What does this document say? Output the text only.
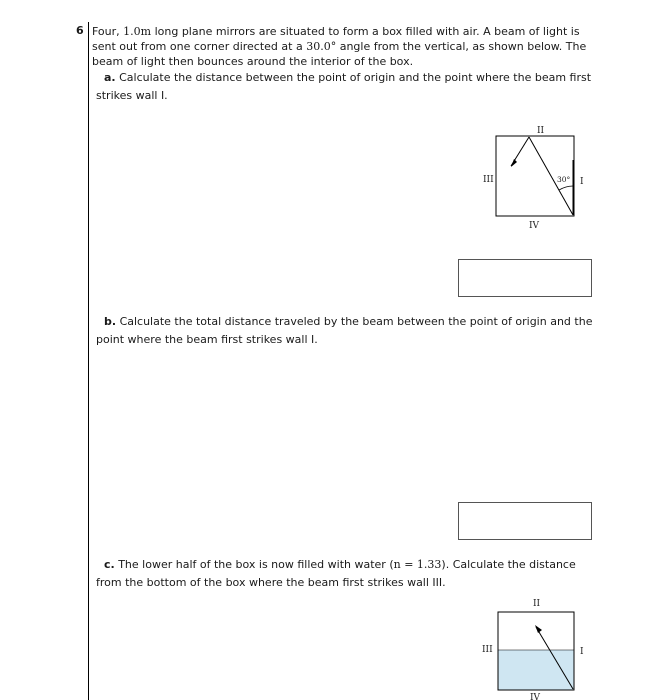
6 Four, 1.0m long plane mirrors are situated to form a box filled with air. A beam of light is
sent out from one corner directed at a 30.0° angle from the vertical, as shown below. The
beam of light then bounces around the interior of the box.
a. Calculate the distance between the point of origin and the point where the beam first
strikes wall I.
II
I
III
IV
30°
b. Calculate the total distance traveled by the beam between the point of origin and the
point where the beam first strikes wall I.
c. The lower half of the box is now filled with water (n = 1.33). Calculate the distance
from the bottom of the box where the beam first strikes wall III.
II
I
III
IV
